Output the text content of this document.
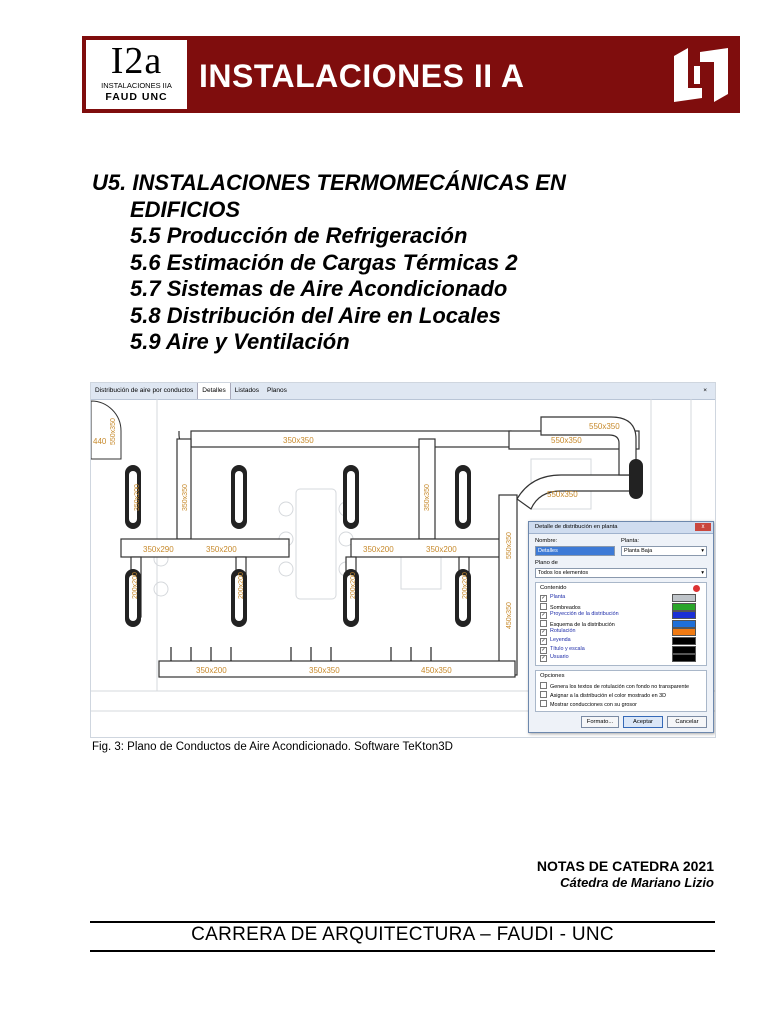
I2a
INSTALACIONES IIA
FAUD UNC
INSTALACIONES II A
U5. INSTALACIONES TERMOMECÁNICAS EN
EDIFICIOS
5.5 Producción de Refrigeración
5.6 Estimación de Cargas Térmicas 2
5.7 Sistemas de Aire Acondicionado
5.8 Distribución del Aire en Locales
5.9 Aire y Ventilación
Distribución de aire por conductos Detalles Listados Planos	×
350x350	550x350
550x350
550x350
350x290	350x200	350x200	350x200
350x200	350x350	450x350
440
200x200	200x200	200x200	200x200
350x350	350x350
550x350
450x350
350x200
550x350
Detalle de distribución en planta	x
Nombre:	Planta:
Detalles	Planta Baja	▾
Plano de
Todos los elementos	▾
Contenido
✓ Planta
Sombreados
✓ Proyección de la distribución
Esquema de la distribución
✓ Rotulación
✓ Leyenda
✓ Título y escala
✓ Usuario
Opciones
Genera los textos de rotulación con fondo no transparente
Asignar a la distribución el color mostrado en 3D
Mostrar conducciones con su grosor
Formato...	Aceptar	Cancelar
Fig. 3: Plano de Conductos de Aire Acondicionado. Software TeKton3D
NOTAS DE CATEDRA 2021
Cátedra de Mariano Lizio
CARRERA DE ARQUITECTURA – FAUDI - UNC
